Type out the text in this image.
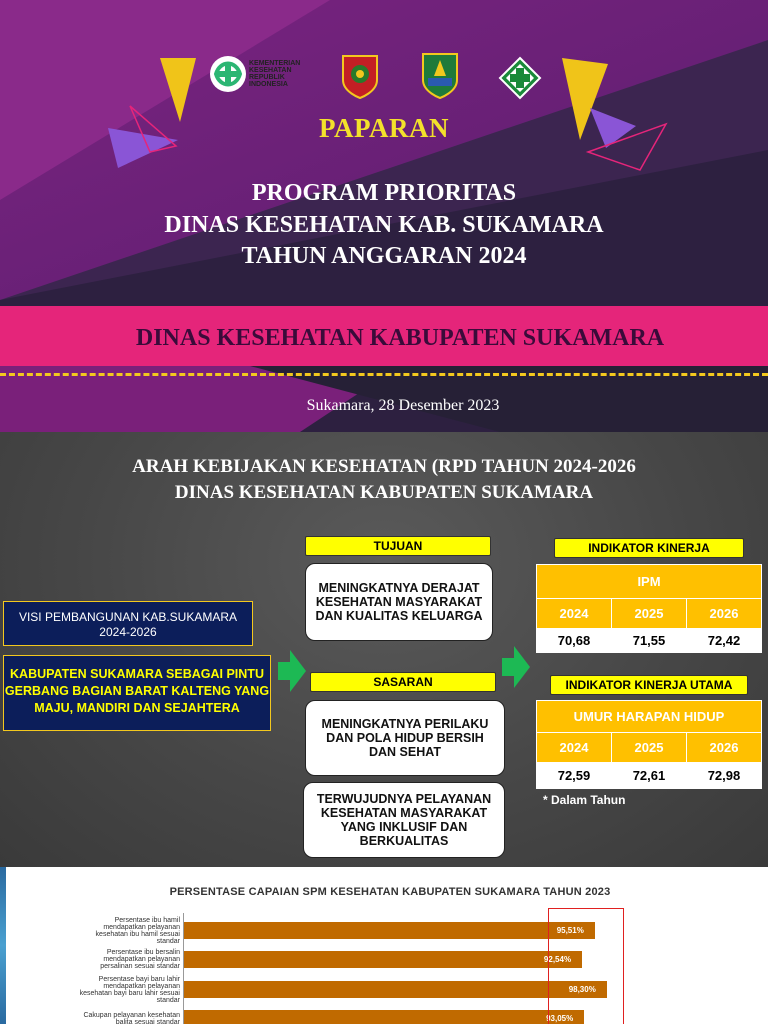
KEMENTERIAN
KESEHATAN
REPUBLIK
INDONESIA
PAPARAN
PROGRAM PRIORITAS
DINAS KESEHATAN KAB. SUKAMARA
TAHUN ANGGARAN 2024
DINAS KESEHATAN KABUPATEN SUKAMARA
Sukamara, 28 Desember 2023
ARAH KEBIJAKAN KESEHATAN (RPD TAHUN 2024-2026
DINAS KESEHATAN KABUPATEN SUKAMARA
VISI PEMBANGUNAN KAB.SUKAMARA
2024-2026
KABUPATEN SUKAMARA SEBAGAI PINTU GERBANG BAGIAN BARAT KALTENG YANG MAJU, MANDIRI DAN SEJAHTERA
TUJUAN
MENINGKATNYA DERAJAT KESEHATAN MASYARAKAT DAN KUALITAS KELUARGA
SASARAN
MENINGKATNYA PERILAKU DAN POLA HIDUP BERSIH DAN SEHAT
TERWUJUDNYA PELAYANAN KESEHATAN MASYARAKAT YANG INKLUSIF DAN BERKUALITAS
INDIKATOR KINERJA
IPM		
2024	2025	2026
70,68	71,55	72,42
INDIKATOR KINERJA UTAMA
UMUR HARAPAN HIDUP		
2024	2025	2026
72,59	72,61	72,98
* Dalam Tahun
PERSENTASE CAPAIAN SPM KESEHATAN KABUPATEN SUKAMARA TAHUN 2023
Persentase ibu hamil
mendapatkan pelayanan
kesehatan ibu hamil sesuai
standar
95,51%
Persentase ibu bersalin
mendapatkan pelayanan
persalinan sesuai standar
92,54%
Persentase bayi baru lahir
mendapatkan pelayanan
kesehatan bayi baru lahir sesuai
standar
98,30%
Cakupan pelayanan kesehatan
balita sesuai standar	93,05%
